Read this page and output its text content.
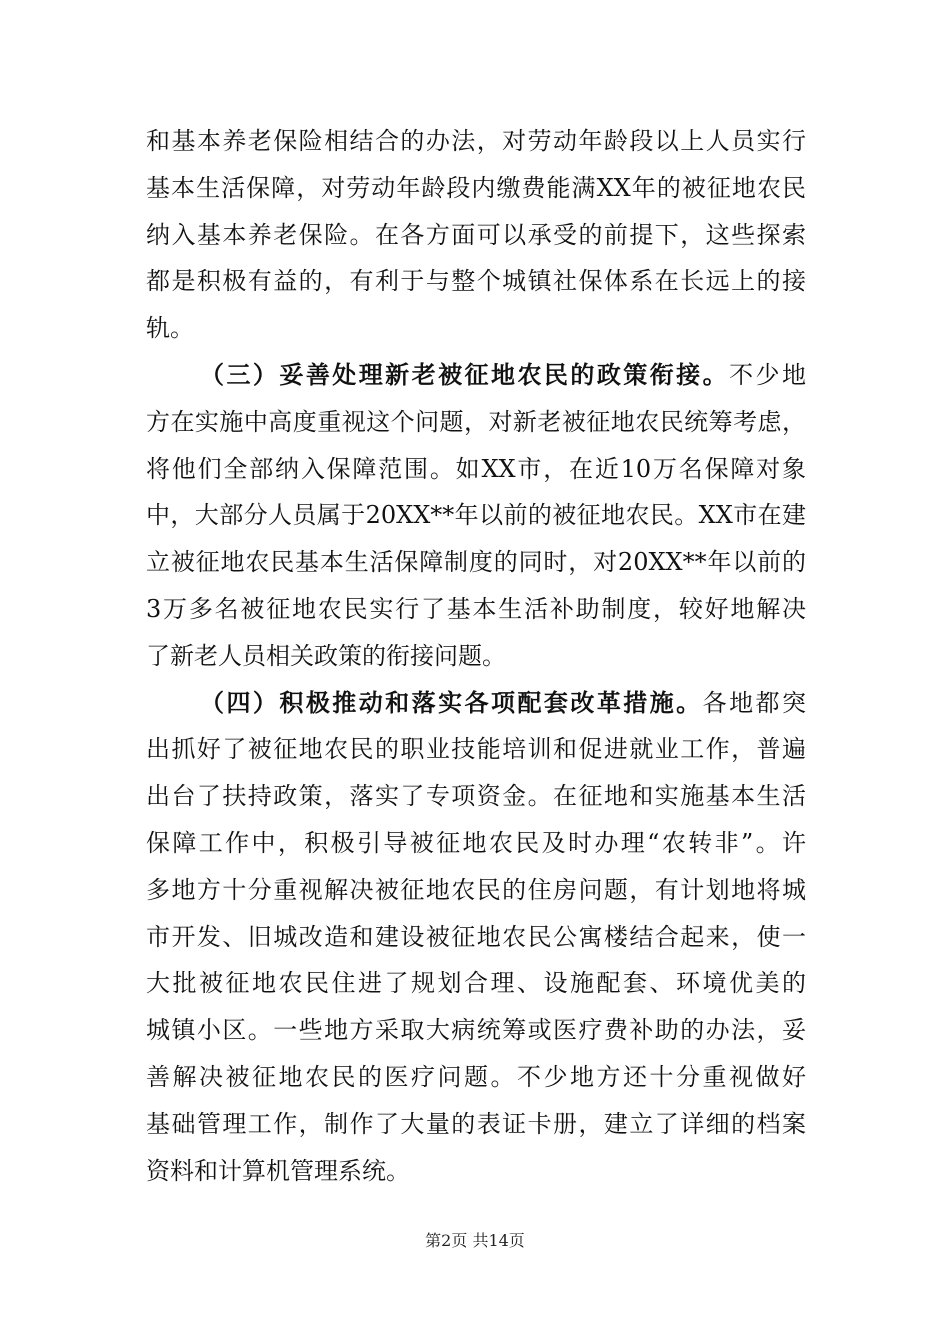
和基本养老保险相结合的办法，对劳动年龄段以上人员实行
基本生活保障，对劳动年龄段内缴费能满XX年的被征地农民
纳入基本养老保险。在各方面可以承受的前提下，这些探索
都是积极有益的，有利于与整个城镇社保体系在长远上的接
轨。
（三）妥善处理新老被征地农民的政策衔接。不少地
方在实施中高度重视这个问题，对新老被征地农民统筹考虑，
将他们全部纳入保障范围。如XX市，在近10万名保障对象
中，大部分人员属于20XX**年以前的被征地农民。XX市在建
立被征地农民基本生活保障制度的同时，对20XX**年以前的
3万多名被征地农民实行了基本生活补助制度，较好地解决
了新老人员相关政策的衔接问题。
（四）积极推动和落实各项配套改革措施。各地都突
出抓好了被征地农民的职业技能培训和促进就业工作，普遍
出台了扶持政策，落实了专项资金。在征地和实施基本生活
保障工作中，积极引导被征地农民及时办理“农转非”。许
多地方十分重视解决被征地农民的住房问题，有计划地将城
市开发、旧城改造和建设被征地农民公寓楼结合起来，使一
大批被征地农民住进了规划合理、设施配套、环境优美的
城镇小区。一些地方采取大病统筹或医疗费补助的办法，妥
善解决被征地农民的医疗问题。不少地方还十分重视做好
基础管理工作，制作了大量的表证卡册，建立了详细的档案
资料和计算机管理系统。
第2页 共14页
